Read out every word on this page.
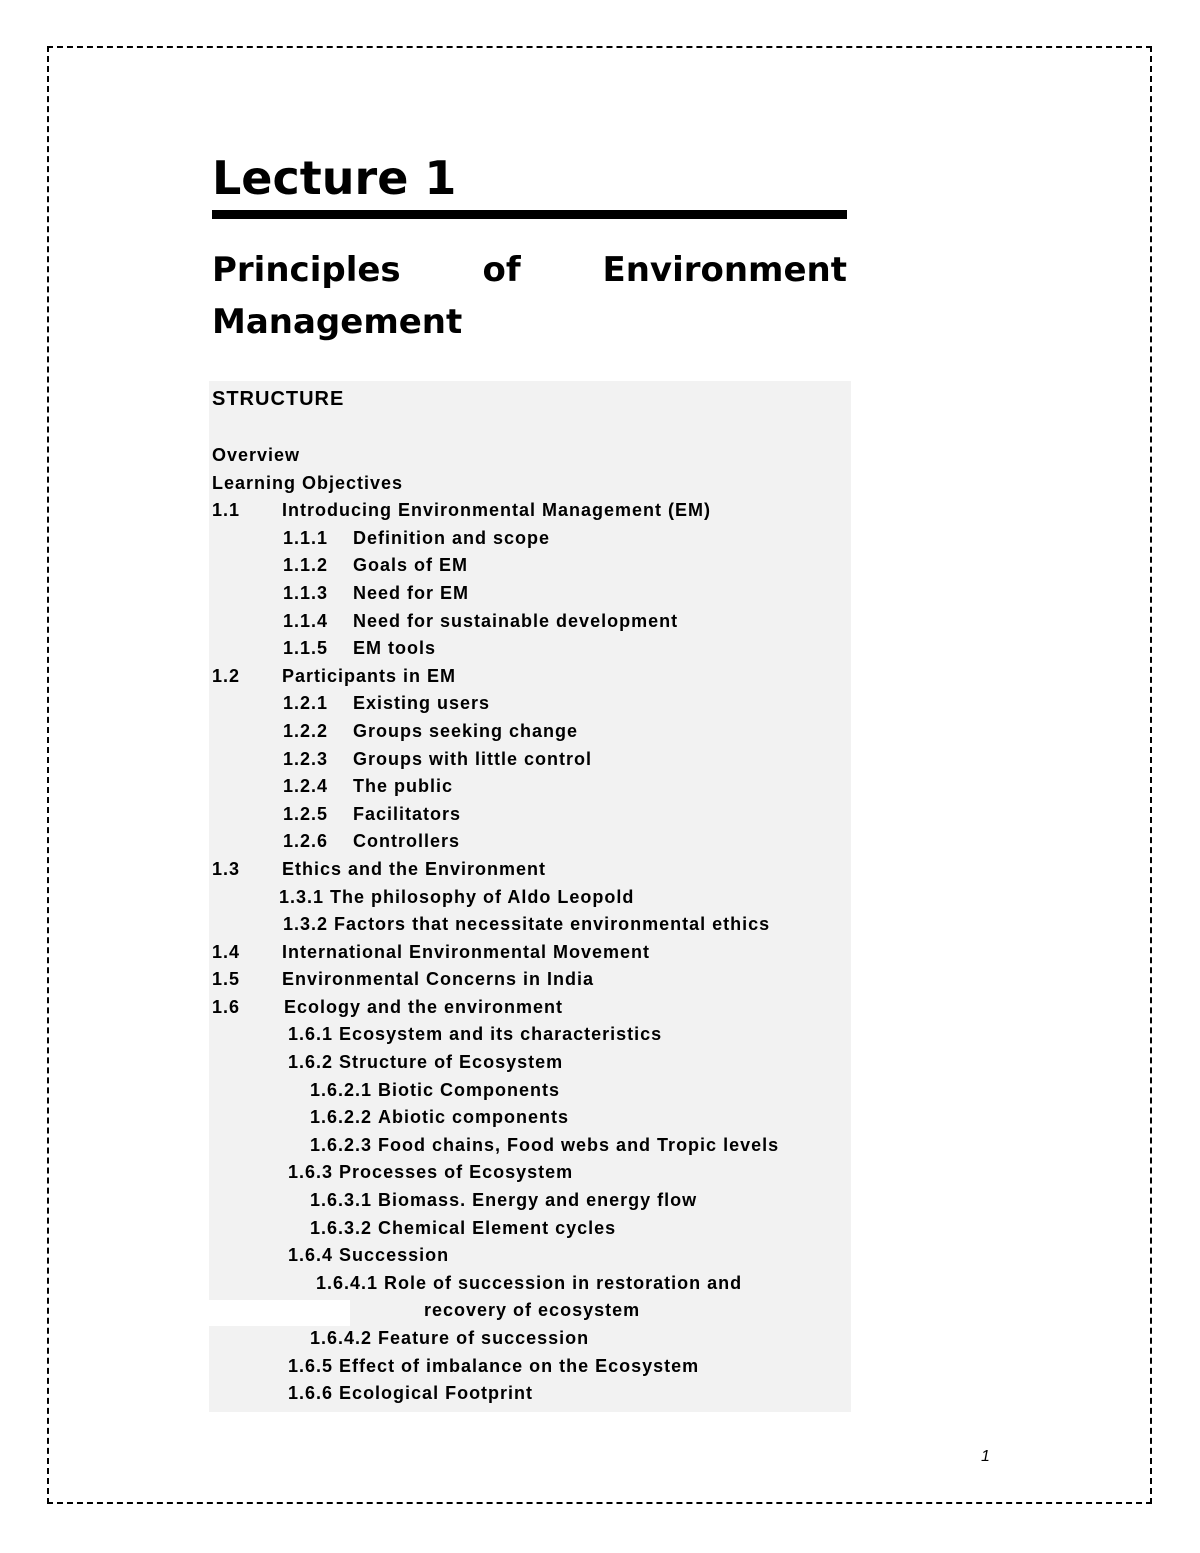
Lecture 1
Principles of Environment
Management
STRUCTURE
Overview
Learning Objectives
1.1 Introducing Environmental Management (EM)
1.1.1 Definition and scope
1.1.2 Goals of EM
1.1.3 Need for EM
1.1.4 Need for sustainable development
1.1.5 EM tools
1.2 Participants in EM
1.2.1 Existing users
1.2.2 Groups seeking change
1.2.3 Groups with little control
1.2.4 The public
1.2.5 Facilitators
1.2.6 Controllers
1.3 Ethics and the Environment
1.3.1 The philosophy of Aldo Leopold
1.3.2 Factors that necessitate environmental ethics
1.4 International Environmental Movement
1.5 Environmental Concerns in India
1.6 Ecology and the environment
1.6.1 Ecosystem and its characteristics
1.6.2 Structure of Ecosystem
1.6.2.1 Biotic Components
1.6.2.2 Abiotic components
1.6.2.3 Food chains, Food webs and Tropic levels
1.6.3 Processes of Ecosystem
1.6.3.1 Biomass. Energy and energy flow
1.6.3.2 Chemical Element cycles
1.6.4 Succession
1.6.4.1 Role of succession in restoration and
recovery of ecosystem
1.6.4.2 Feature of succession
1.6.5 Effect of imbalance on the Ecosystem
1.6.6 Ecological Footprint
1
